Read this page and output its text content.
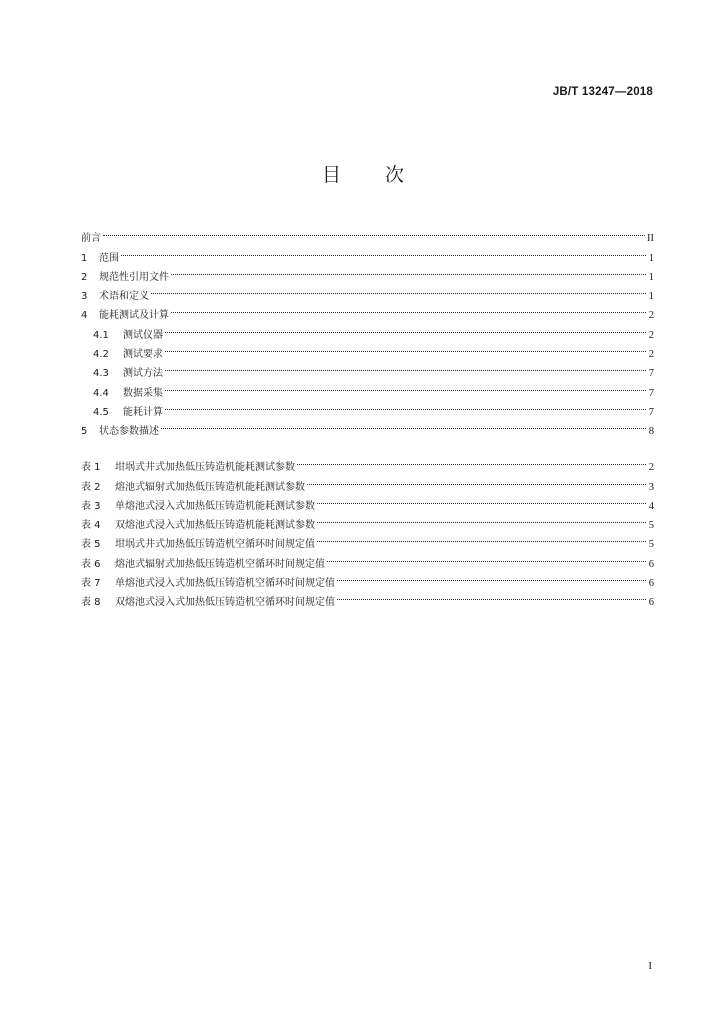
JB/T 13247—2018
目 次
前言	II
1	范围	1
2	规范性引用文件	1
3	术语和定义	1
4	能耗测试及计算	2
4.1	测试仪器	2
4.2	测试要求	2
4.3	测试方法	7
4.4	数据采集	7
4.5	能耗计算	7
5	状态参数描述	8
表 1	坩埚式井式加热低压铸造机能耗测试参数	2
表 2	熔池式辐射式加热低压铸造机能耗测试参数	3
表 3	单熔池式浸入式加热低压铸造机能耗测试参数	4
表 4	双熔池式浸入式加热低压铸造机能耗测试参数	5
表 5	坩埚式井式加热低压铸造机空循环时间规定值	5
表 6	熔池式辐射式加热低压铸造机空循环时间规定值	6
表 7	单熔池式浸入式加热低压铸造机空循环时间规定值	6
表 8	双熔池式浸入式加热低压铸造机空循环时间规定值	6
I
